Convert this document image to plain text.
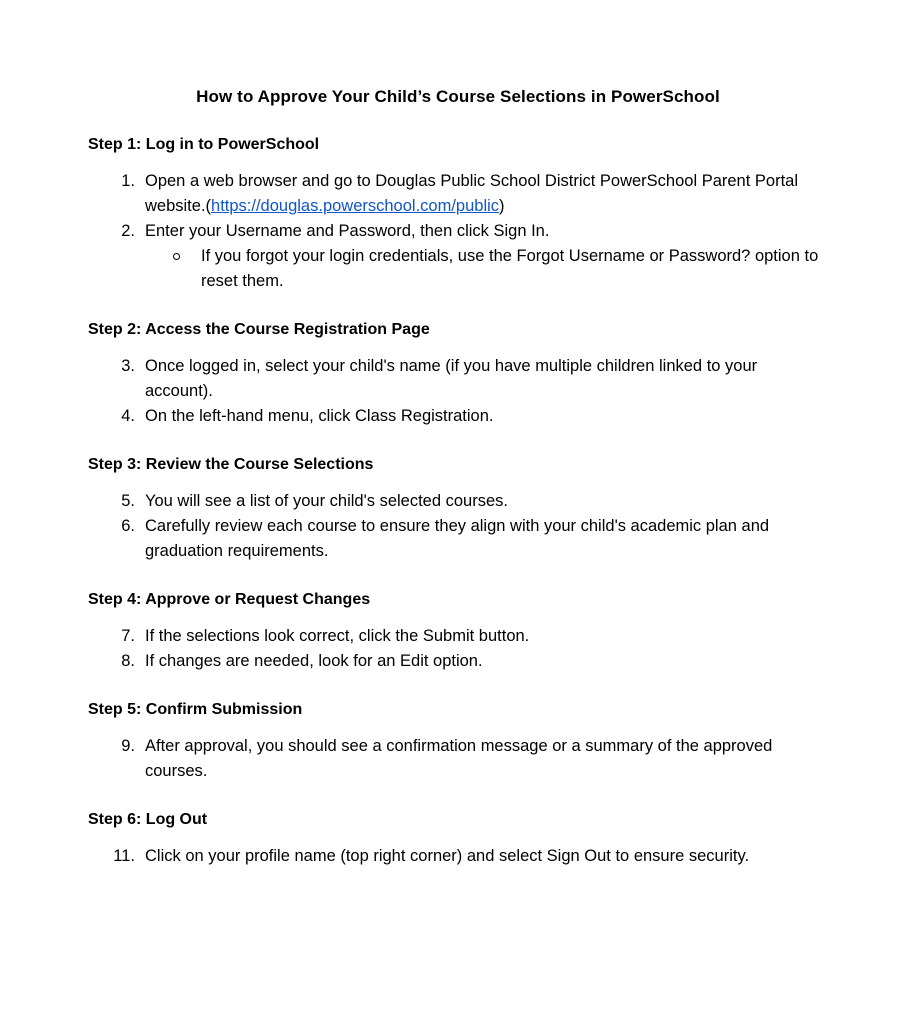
How to Approve Your Child’s Course Selections in PowerSchool
Step 1: Log in to PowerSchool
1. Open a web browser and go to Douglas Public School District PowerSchool Parent Portal website.(https://douglas.powerschool.com/public)
2. Enter your Username and Password, then click Sign In.
If you forgot your login credentials, use the Forgot Username or Password? option to reset them.
Step 2: Access the Course Registration Page
3. Once logged in, select your child's name (if you have multiple children linked to your account).
4. On the left-hand menu, click Class Registration.
Step 3: Review the Course Selections
5. You will see a list of your child's selected courses.
6. Carefully review each course to ensure they align with your child's academic plan and graduation requirements.
Step 4: Approve or Request Changes
7. If the selections look correct, click the Submit button.
8. If changes are needed, look for an Edit option.
Step 5: Confirm Submission
9. After approval, you should see a confirmation message or a summary of the approved courses.
Step 6: Log Out
11. Click on your profile name (top right corner) and select Sign Out to ensure security.
